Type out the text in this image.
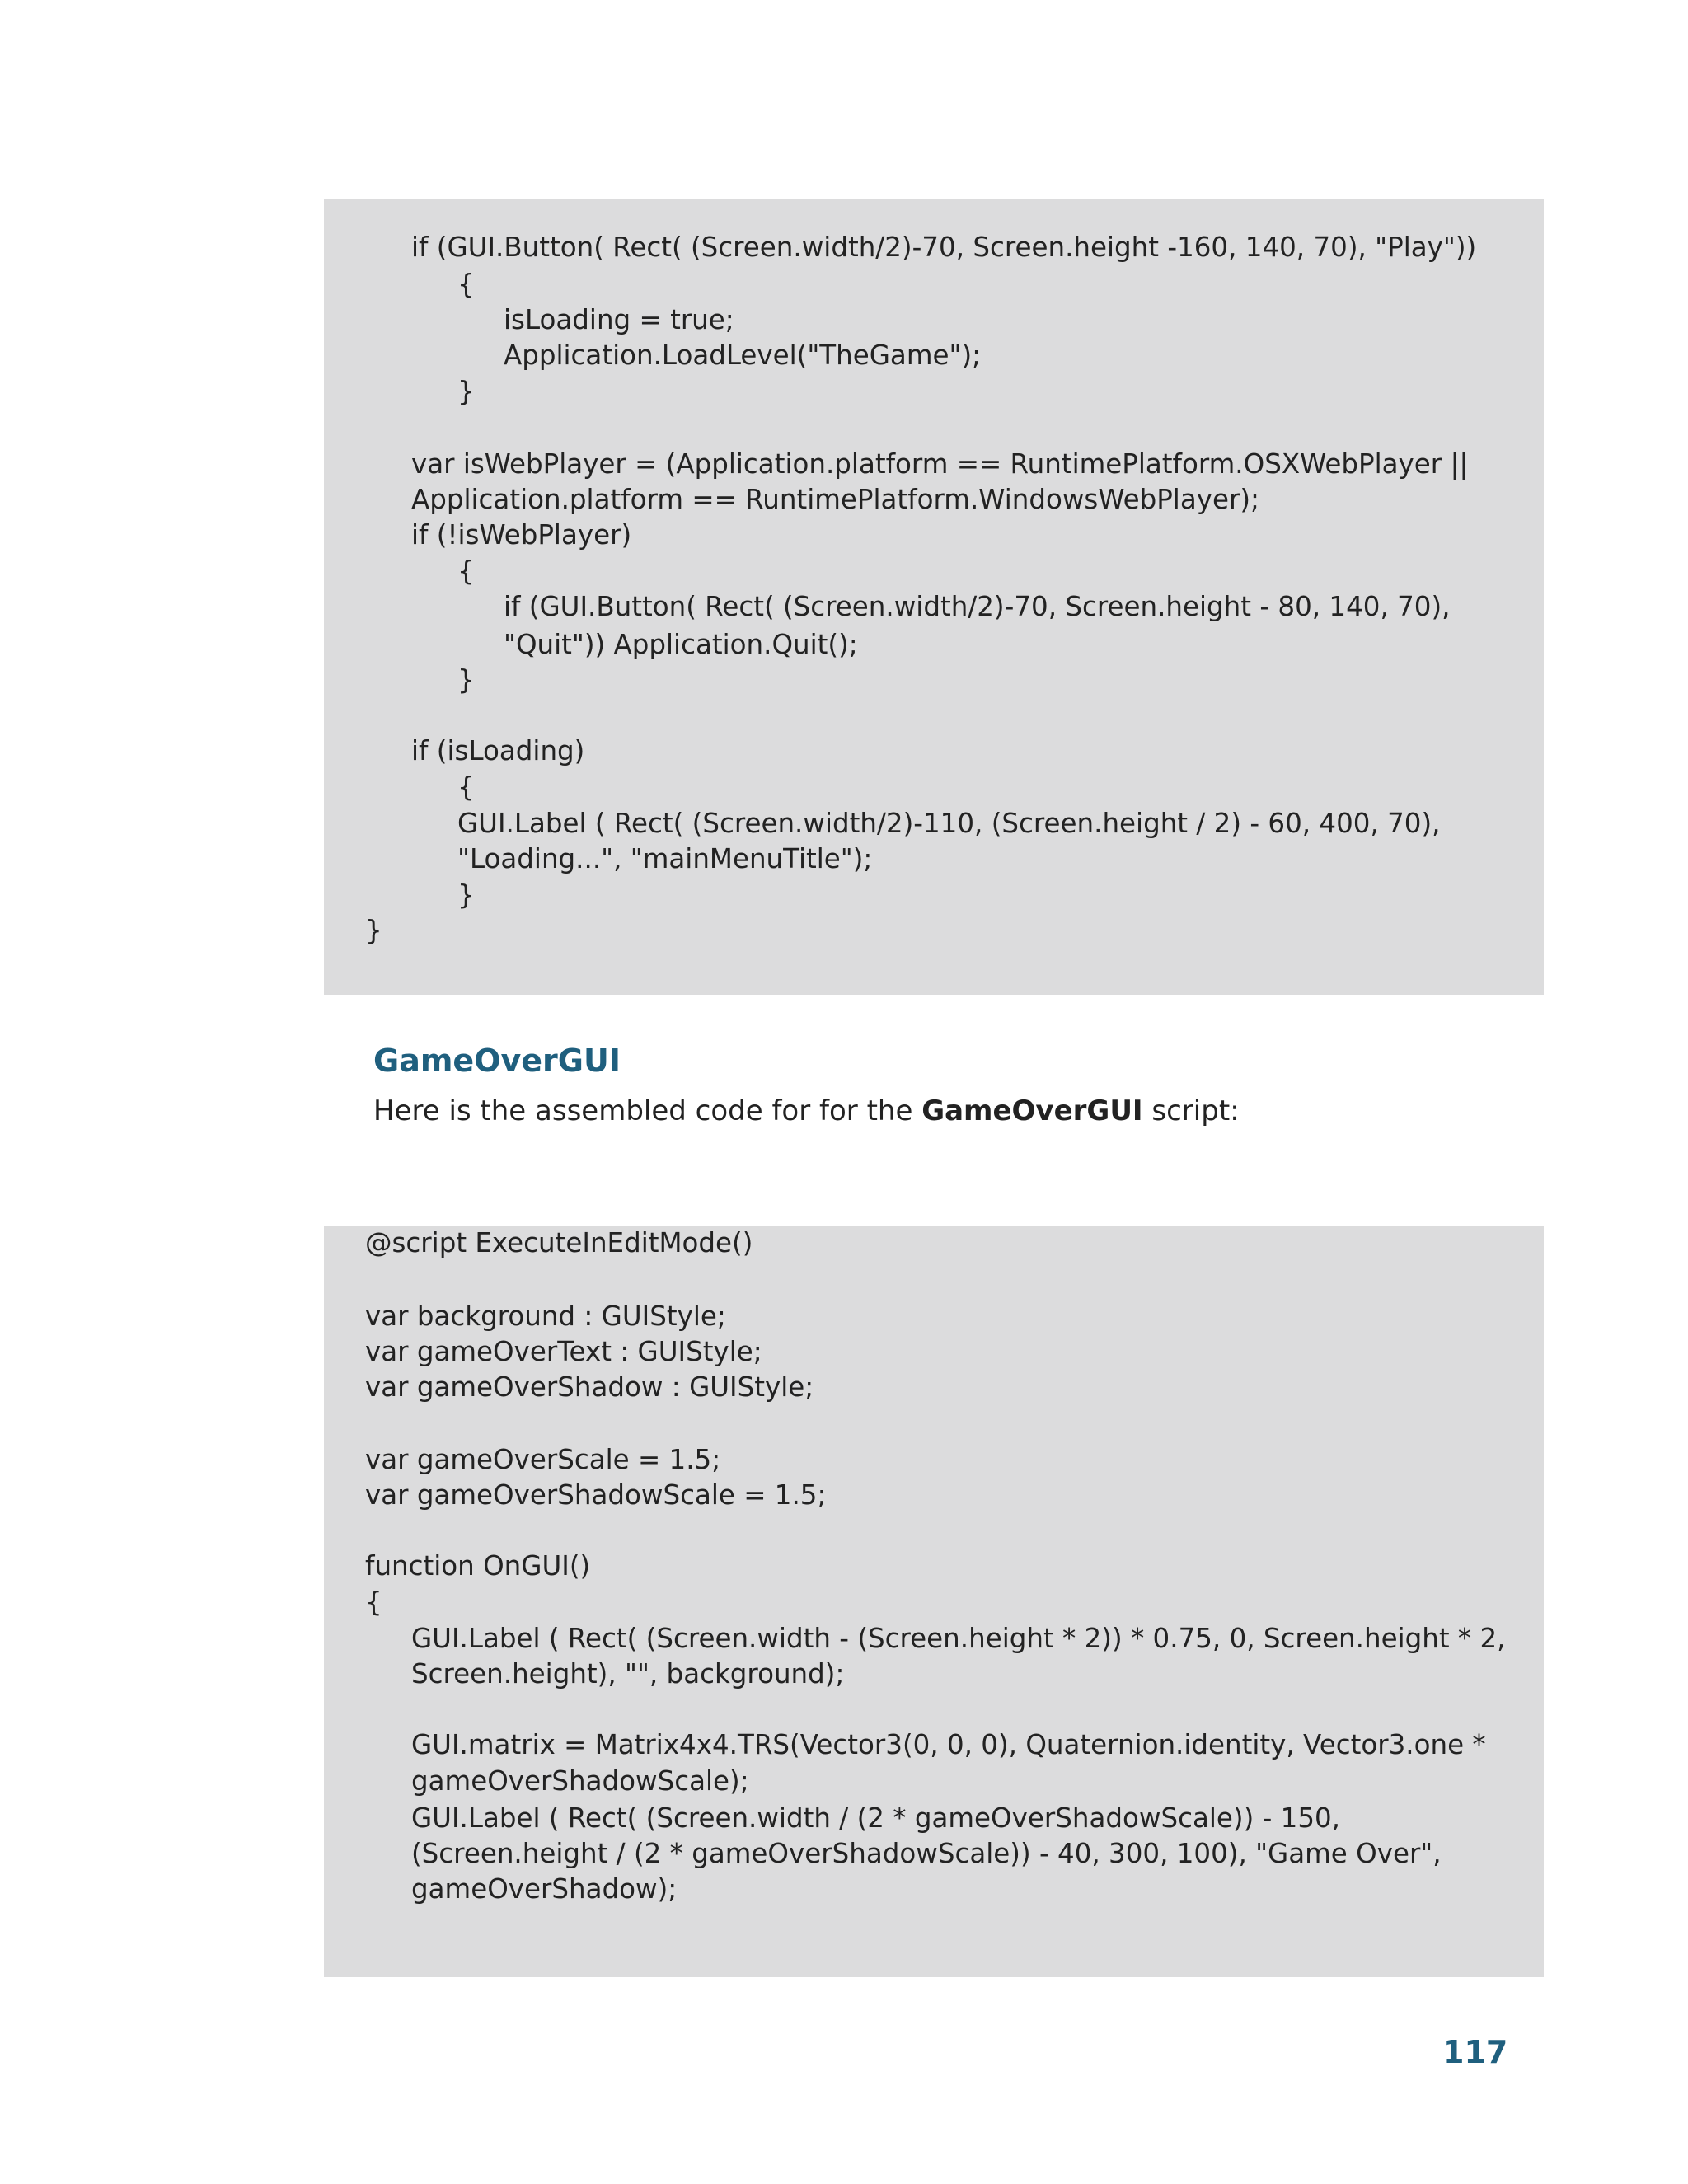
if (GUI.Button( Rect( (Screen.width/2)-70, Screen.height -160, 140, 70), "Play"))
{
isLoading = true;
Application.LoadLevel("TheGame");
}
var isWebPlayer = (Application.platform == RuntimePlatform.OSXWebPlayer ||
Application.platform == RuntimePlatform.WindowsWebPlayer);
if (!isWebPlayer)
{
if (GUI.Button( Rect( (Screen.width/2)-70, Screen.height - 80, 140, 70),
"Quit")) Application.Quit();
}
if (isLoading)
{
GUI.Label ( Rect( (Screen.width/2)-110, (Screen.height / 2) - 60, 400, 70),
"Loading...", "mainMenuTitle");
}
}
GameOverGUI
Here is the assembled code for for the GameOverGUI script:
@script ExecuteInEditMode()
var background : GUIStyle;
var gameOverText : GUIStyle;
var gameOverShadow : GUIStyle;
var gameOverScale = 1.5;
var gameOverShadowScale = 1.5;
function OnGUI()
{
GUI.Label ( Rect( (Screen.width - (Screen.height * 2)) * 0.75, 0, Screen.height * 2,
Screen.height), "", background);
GUI.matrix = Matrix4x4.TRS(Vector3(0, 0, 0), Quaternion.identity, Vector3.one *
gameOverShadowScale);
GUI.Label ( Rect( (Screen.width / (2 * gameOverShadowScale)) - 150,
(Screen.height / (2 * gameOverShadowScale)) - 40, 300, 100), "Game Over",
gameOverShadow);
117
